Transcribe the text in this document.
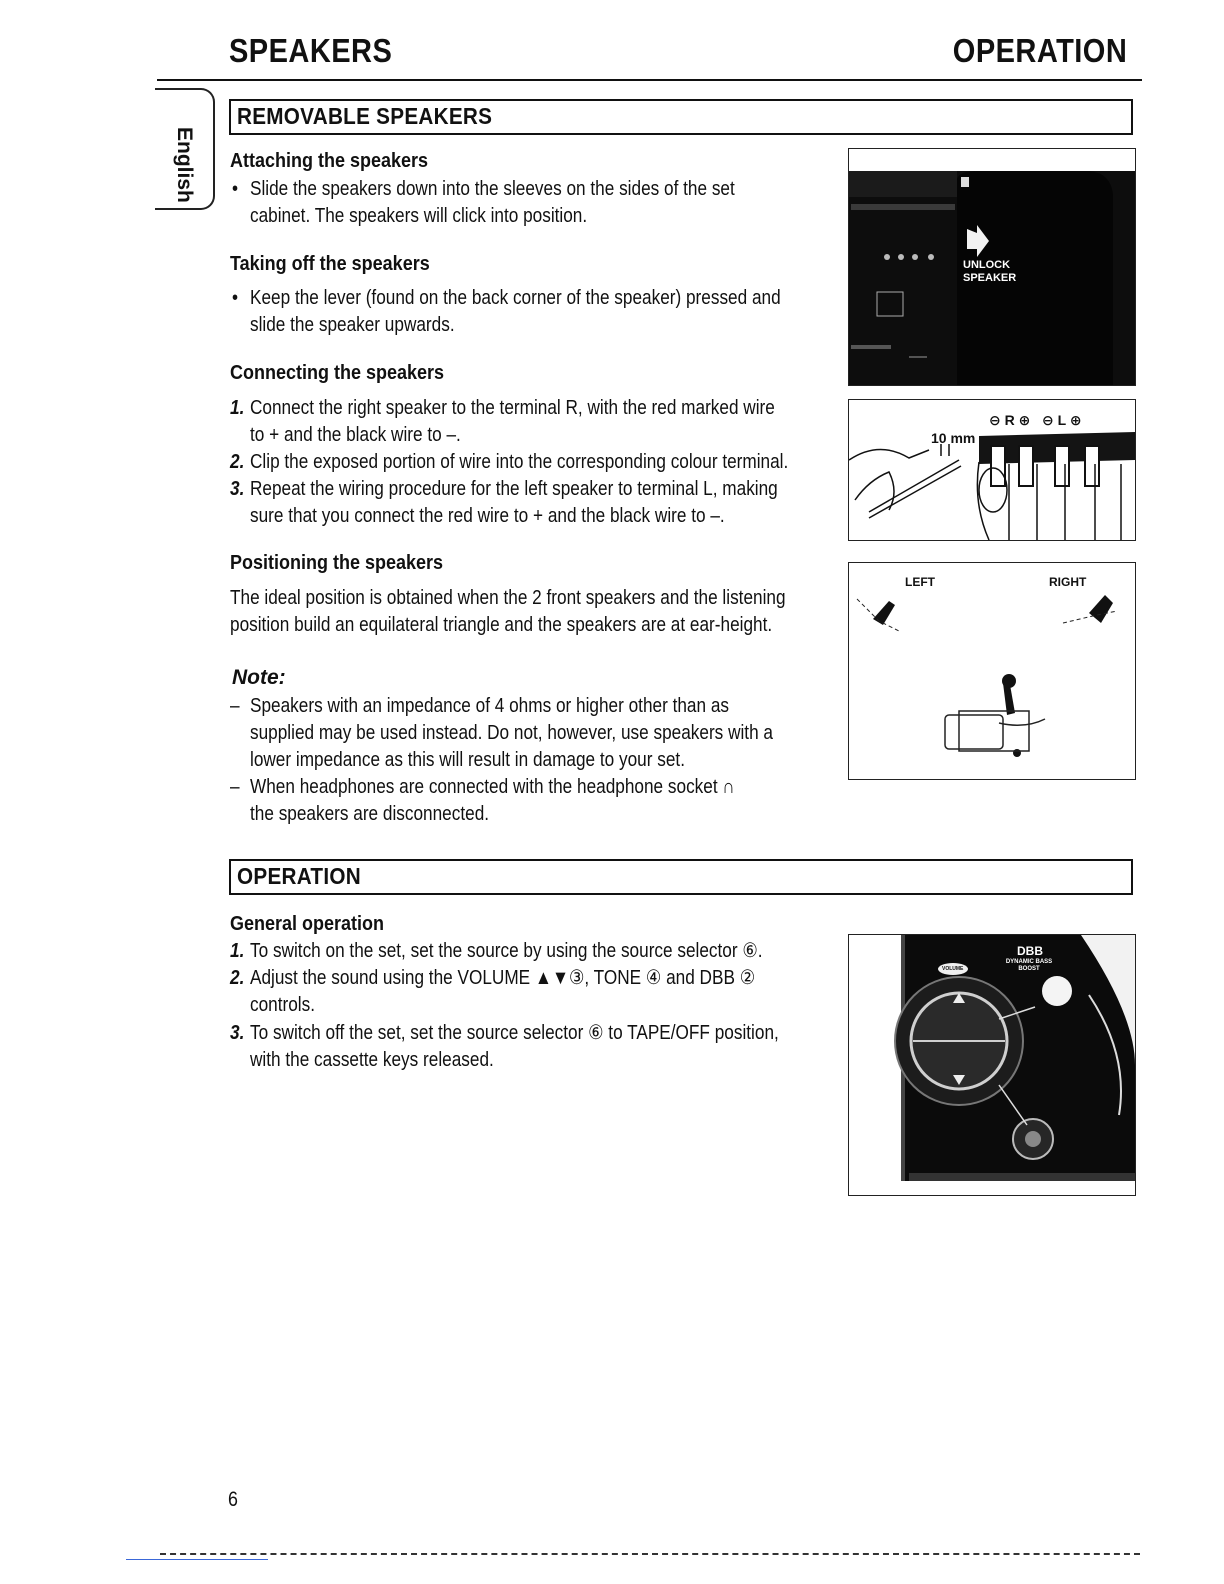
SPEAKERS	OPERATION
English
REMOVABLE SPEAKERS
Attaching the speakers
• Slide the speakers down into the sleeves on the sides of the set
cabinet. The speakers will click into position.
Taking off the speakers
• Keep the lever (found on the back corner of the speaker) pressed and
slide the speaker upwards.
Connecting the speakers
1. Connect the right speaker to the terminal R, with the red marked wire
to + and the black wire to –.
2. Clip the exposed portion of wire into the corresponding colour terminal.
3. Repeat the wiring procedure for the left speaker to terminal L, making
sure that you connect the red wire to + and the black wire to –.
Positioning the speakers
The ideal position is obtained when the 2 front speakers and the listening
position build an equilateral triangle and the speakers are at ear-height.
Note:
– Speakers with an impedance of 4 ohms or higher other than as
supplied may be used instead. Do not, however, use speakers with a
lower impedance as this will result in damage to your set.
– When headphones are connected with the headphone socket ∩
the speakers are disconnected.
UNLOCK
SPEAKER
⊖ R ⊕   ⊖ L ⊕
10 mm
LEFT	RIGHT
OPERATION
General operation
1. To switch on the set, set the source by using the source selector ⑥.
2. Adjust the sound using the VOLUME ▲▼③, TONE ④ and DBB ②
controls.
3. To switch off the set, set the source selector ⑥ to TAPE/OFF position,
with the cassette keys released.
DBB
DYNAMIC BASS
BOOST
VOLUME
6
